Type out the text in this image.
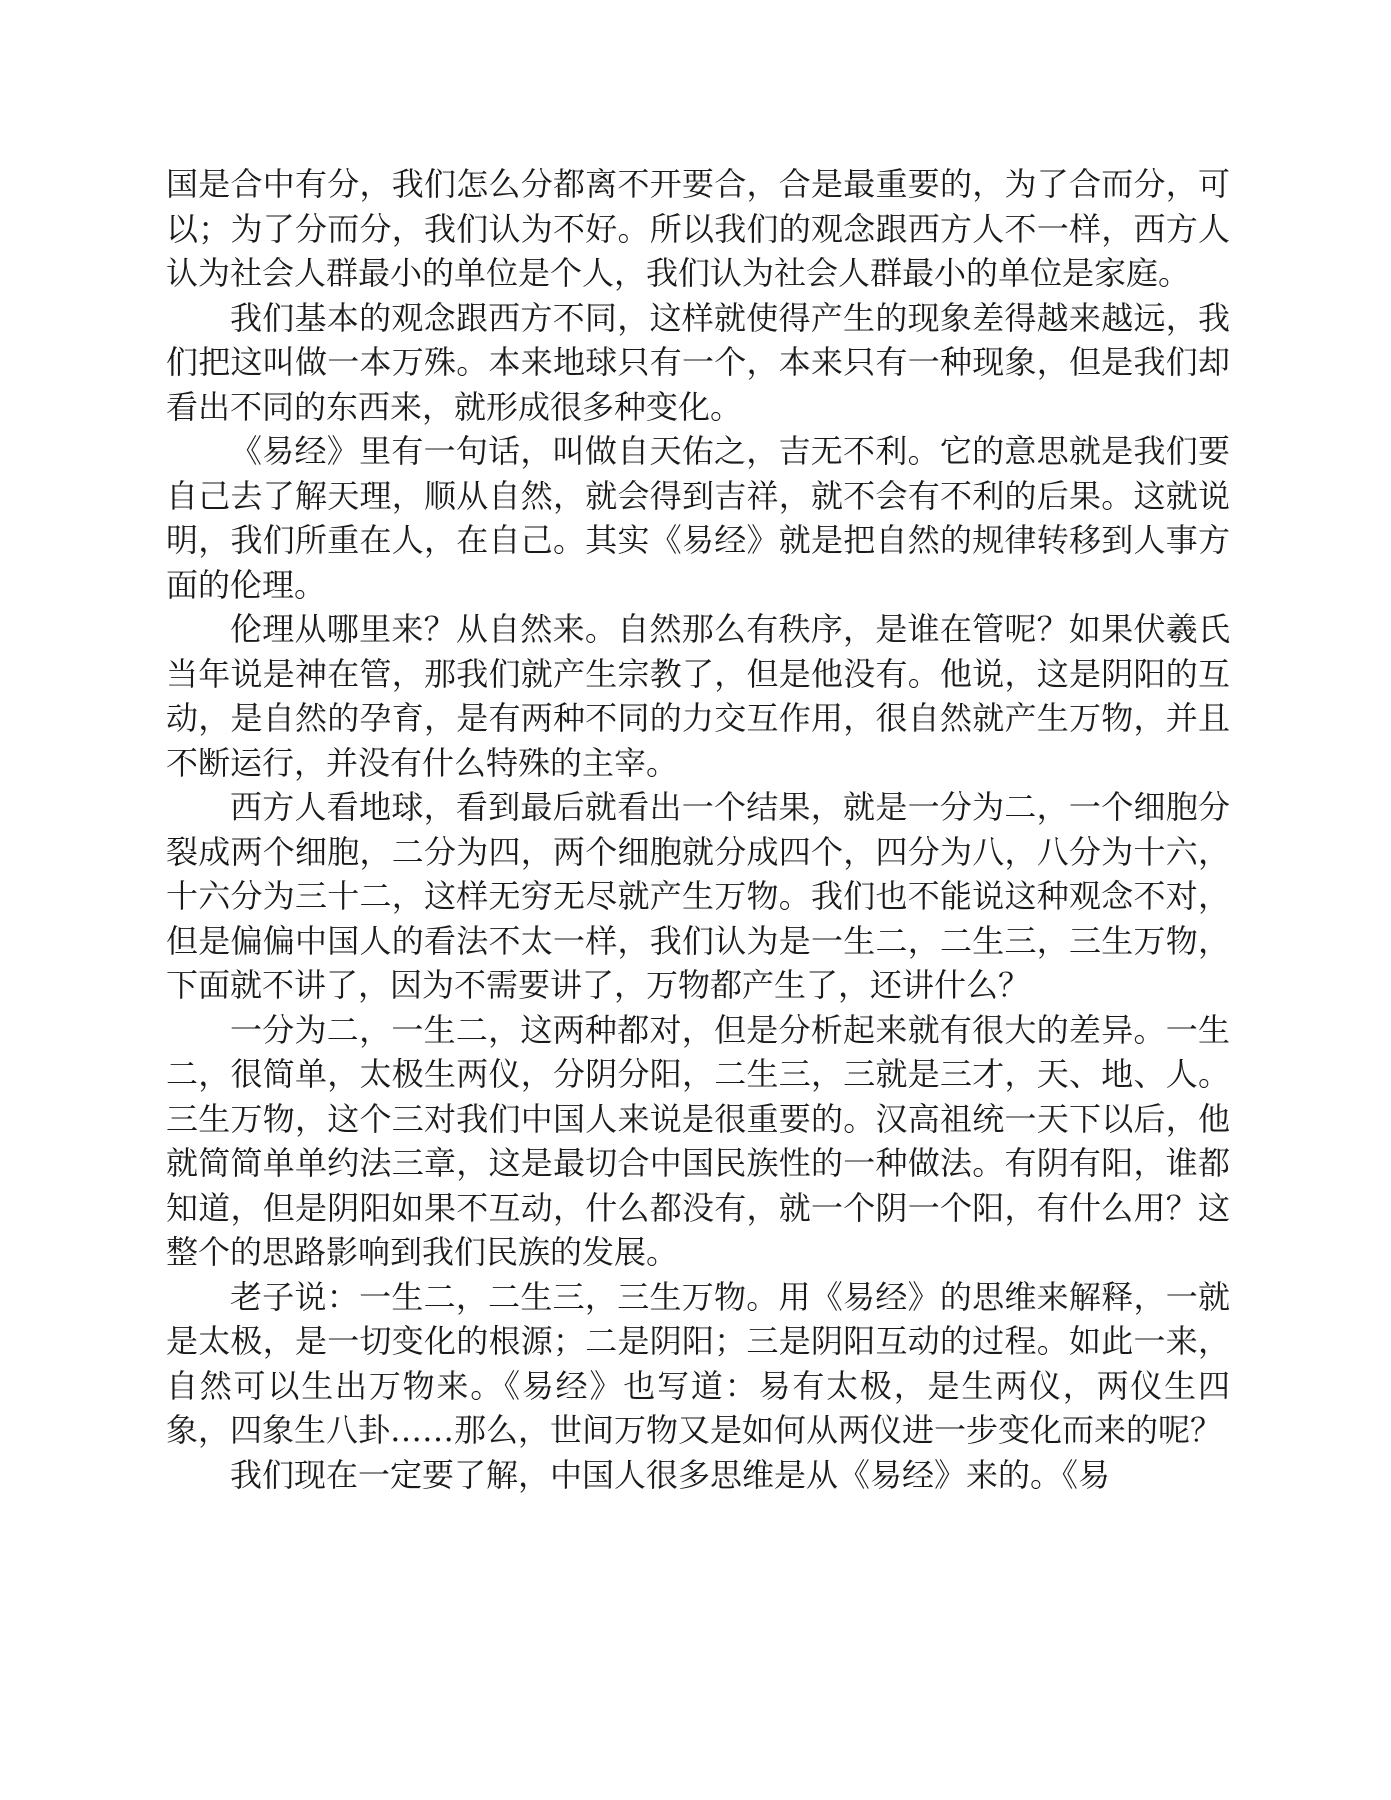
国是合中有分，我们怎么分都离不开要合，合是最重要的，为了合而分，可以；为了分而分，我们认为不好。所以我们的观念跟西方人不一样，西方人认为社会人群最小的单位是个人，我们认为社会人群最小的单位是家庭。

我们基本的观念跟西方不同，这样就使得产生的现象差得越来越远，我们把这叫做一本万殊。本来地球只有一个，本来只有一种现象，但是我们却看出不同的东西来，就形成很多种变化。

《易经》里有一句话，叫做自天佑之，吉无不利。它的意思就是我们要自己去了解天理，顺从自然，就会得到吉祥，就不会有不利的后果。这就说明，我们所重在人，在自己。其实《易经》就是把自然的规律转移到人事方面的伦理。

伦理从哪里来？从自然来。自然那么有秩序，是谁在管呢？如果伏羲氏当年说是神在管，那我们就产生宗教了，但是他没有。他说，这是阴阳的互动，是自然的孕育，是有两种不同的力交互作用，很自然就产生万物，并且不断运行，并没有什么特殊的主宰。

西方人看地球，看到最后就看出一个结果，就是一分为二，一个细胞分裂成两个细胞，二分为四，两个细胞就分成四个，四分为八，八分为十六，十六分为三十二，这样无穷无尽就产生万物。我们也不能说这种观念不对，但是偏偏中国人的看法不太一样，我们认为是一生二，二生三，三生万物，下面就不讲了，因为不需要讲了，万物都产生了，还讲什么？

一分为二，一生二，这两种都对，但是分析起来就有很大的差异。一生二，很简单，太极生两仪，分阴分阳，二生三，三就是三才，天、地、人。三生万物，这个三对我们中国人来说是很重要的。汉高祖统一天下以后，他就简简单单约法三章，这是最切合中国民族性的一种做法。有阴有阳，谁都知道，但是阴阳如果不互动，什么都没有，就一个阴一个阳，有什么用？这整个的思路影响到我们民族的发展。

老子说：一生二，二生三，三生万物。用《易经》的思维来解释，一就是太极，是一切变化的根源；二是阴阳；三是阴阳互动的过程。如此一来，自然可以生出万物来。《易经》也写道：易有太极，是生两仪，两仪生四象，四象生八卦……那么，世间万物又是如何从两仪进一步变化而来的呢？

我们现在一定要了解，中国人很多思维是从《易经》来的。《易
